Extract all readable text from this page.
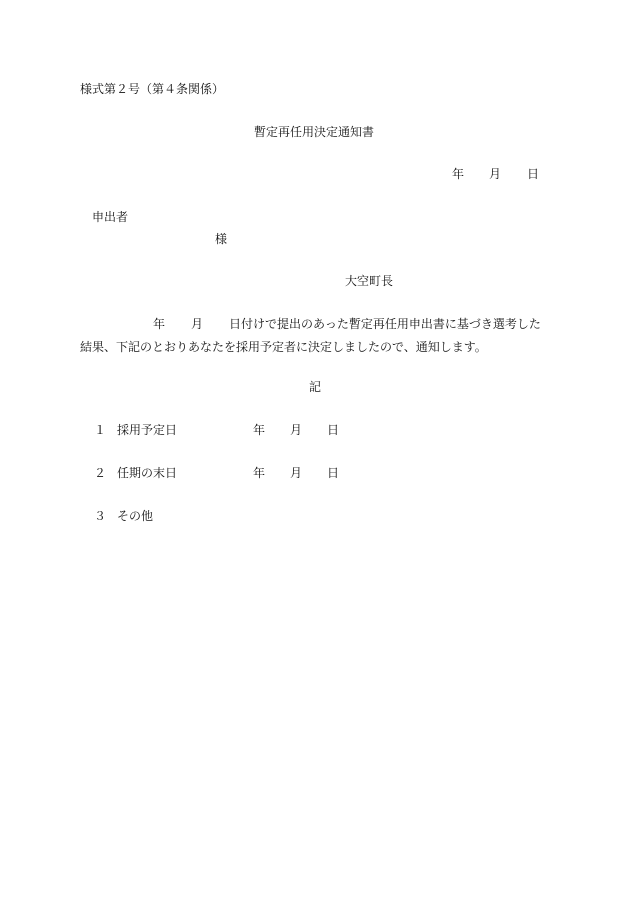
様式第２号（第４条関係）
暫定再任用決定通知書
年 月 日
申出者
様
大空町長
年 月 日付けで提出のあった暫定再任用申出書に基づき選考した
結果、下記のとおりあなたを採用予定者に決定しましたので、通知します。
記
１ 採用予定日	年 月 日
２ 任期の末日	年 月 日
３ その他
